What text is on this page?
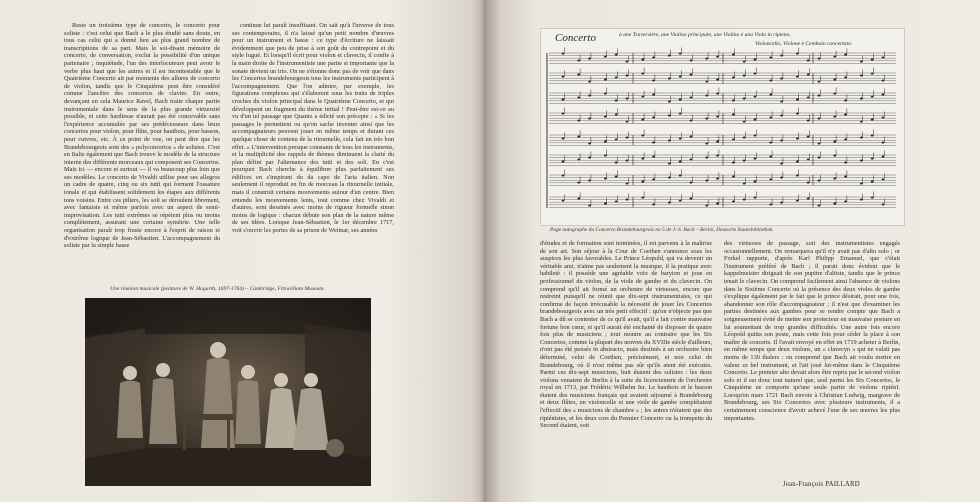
Reste un troisième type de concerto, le concerto pour soliste : c'est celui que Bach a le plus étudié sans doute, en tous cas celui qui a donné lieu au plus grand nombre de transcriptions de sa part. Mais le soi-disant mémoire de concerto, de conversation, exclut la possibilité d'un unique partenaire ; inquiétude, l'un des interlocuteurs peut avoir le verbe plus haut que les autres et il est incontestable que le Quatrième Concerto ait par moments des allures de concerto de violon, tandis que le Cinquième peut être considéré comme l'ancêtre des concertos de clavier. En outre, devançant en cela Maurice Ravel, Bach traite chaque partie instrumentale dans le sens de la plus grande virtuosité possible, et cette hardiesse n'aurait pas été concevable sans l'expérience accumulée par ses prédécesseurs dans leurs concertos pour violon, pour flûte, pour hautbois, pour basson, pour cuivres, etc. À ce point de vue, on peut dire que les Brandebourgeois sont des « polyconcertos » de solistes. C'est en Italie également que Bach trouve le modèle de la structure interne des différents morceaux qui composent ses Concertos. Mais ici — encore et surtout — il va beaucoup plus loin que ses modèles. Le concerto de Vivaldi utilise pour ses allegros un cadre de quatre, cinq ou six tutti qui forment l'ossature tonale et qui établissent solidement les étapes aux différents tons voisins. Entre ces piliers, les soli se déroulent librement, avec fantaisie et même parfois avec un aspect de semi-improvisation. Les tutti extrêmes se répètent plus ou moins complètement, assurant une certaine symétrie. Une telle organisation paraît trop fruste encore à l'esprit de raison et d'extrême logique de Jean-Sébastien. L'accompagnement du soliste par la simple basse

continue lui paraît insuffisant. On sait qu'à l'inverse de tous ses contemporains, il n'a laissé qu'un petit nombre d'œuvres pour un instrument et basse : ce type d'écriture ne laissait évidemment que peu de prise à son goût du contrepoint et du style fugué. Et lorsqu'il écrit pour violon et clavecin, il confie à la main droite de l'instrumentiste une partie si importante que la sonate devient un trio. On ne s'étonne donc pas de voir que dans les Concertos brandebourgeois tous les instruments participent à l'accompagnement. Que l'on admire, par exemple, les figurations complexes qui s'élaborent sous les traits de triples croches du violon principal dans le Quatrième Concerto, et qui développent un fragment du thème initial ! Peut-être est-ce au vu d'un tel passage que Quantz a édicté son précepte : « Si les passages le permettent ou qu'on sache inventer ainsi que les accompagnateurs peuvent jouer en même temps et durant ces quelque chose de contenu de la ritournelle, cela fait un très bon effet. » L'intervention presque constante de tous les instruments, et la multiplicité des rappels de thèmes diminuent la clarté du plan défini par l'alternance des tutti et des soli. En c'est pourquoi Bach cherche à équilibrer plus parfaitement ses édifices en s'inspirant du da capo de l'aria italien. Non seulement il reproduit en fin de morceau la ritournelle initiale, mais il construit certains mouvements autour d'un centre. Bien entendu les mouvements lents, tout comme chez Vivaldi et d'autres, sont dessinés avec moins de rigueur formelle sinon moins de logique : chacun débute son plan de la nature même de ses idées. Lorsque Jean-Sébastien, le 1er décembre 1717, voit s'ouvrir les portes de sa prison de Weimar, ses années

Une réunion musicale (peinture de W. Hogarth, 1697-1764) – Cambridge, Fitzwilliam Museum.
Page autographe du Concerto Brandebourgeois no 5 de J.-S. Bach – Berlin, Deutsche Staatsbibliothek.

d'études et de formation sont terminées, il est parvenu à la maîtrise de son art. Son séjour à la Cour de Coethen s'annonce sous les auspices les plus favorables. Le Prince Léopold, qui va devenir un véritable ami, n'aime pas seulement la musique, il la pratique avec habileté : il possède une agréable voix de baryton et joue en professionnel du violon, de la viole de gambe et du clavecin. On comprend qu'il ait formé un orchestre de virtuoses, encore que restreint puisqu'il ne réunit que dix-sept instrumentistes, ce qui confirme de façon irrécusable la nécessité de jouer les Concertos brandebourgeois avec un très petit effectif : qu'on n'objecte pas que Bach a dû se contenter de ce qu'il avait, qu'il a fait contre mauvaise fortune bon cœur, et qu'il aurait été enchanté de disposer de quatre fois plus de musiciens ; tout montre au contraire que les Six Concertos, comme la plupart des œuvres du XVIIIe siècle d'ailleurs, n'ont pas été pensés in abstracto, mais destinés à un orchestre bien déterminé, celui de Coethen, précisément, et non celui de Brandebourg, où il n'est même pas sûr qu'ils aient été exécutés. Parmi ces dix-sept musiciens, huit étaient des solistes : les deux violons venaient de Berlin à la suite du licenciement de l'orchestre royal en 1713, par Frédéric Wilhelm Ier. Le hautbois et le basson étaient des musiciens français qui avaient séjourné à Brandebourg et deux flûtes, un violoncelle et une viole de gambe complétaient l'effectif des « musiciens de chambre » ; les autres n'étaient que des ripiénistes, et les deux cors du Premier Concerto ou la trompette du Second étaient, soit

des virtuoses de passage, soit des instrumentistes engagés occasionnellement. On remarquera qu'il n'y avait pas d'alto solo ; or Forkel rapporte, d'après Karl Philipp Emanuel, que c'était l'instrument préféré de Bach ; il parait donc évident que le kappelmeister dirigeait de son pupitre d'altiste, tandis que le prince tenait le clavecin. On comprend facilement ainsi l'absence de violons dans le Sixième Concerto où la présence des deux violes de gambe s'explique également par le fait que le prince désirait, pour une fois, abandonner son rôle d'accompagnateur ; il n'est que d'examiner les parties destinées aux gambes pour se rendre compte que Bach a soigneusement évité de mettre son protecteur en mauvaise posture en lui soumettant de trop grandes difficultés. Une autre fois encore Léopold quitta son poste, mais cette fois pour céder la place à son maître de concerts. Il l'avait envoyé en effet en 1719 acheter à Berlin, en même temps que deux violons, un « clavecyn » qui ne valait pas moins de 130 thalers : on comprend que Bach ait voulu mettre en valeur ce bel instrument, et l'ait joué lui-même dans le Cinquième Concerto. Le premier alto devait alors être repris par le second violon solo et il est donc tout naturel que, seul parmi les Six Concertos, le Cinquième ne comporte qu'une seule partie de violons ripiénI. Lorsqu'en mars 1721 Bach envoie à Christian Ludwig, margrave de Brandebourg, ses Six Concertos avec plusieurs instruments, il a certainement conscience d'avoir achevé l'une de ses œuvres les plus importantes.

Concerto	à une Traversière, une Violino principale, une Violino è una Viola in ripieno,
Violoncello, Violone è Cembalo concertato.
Jean-François PAILLARD
